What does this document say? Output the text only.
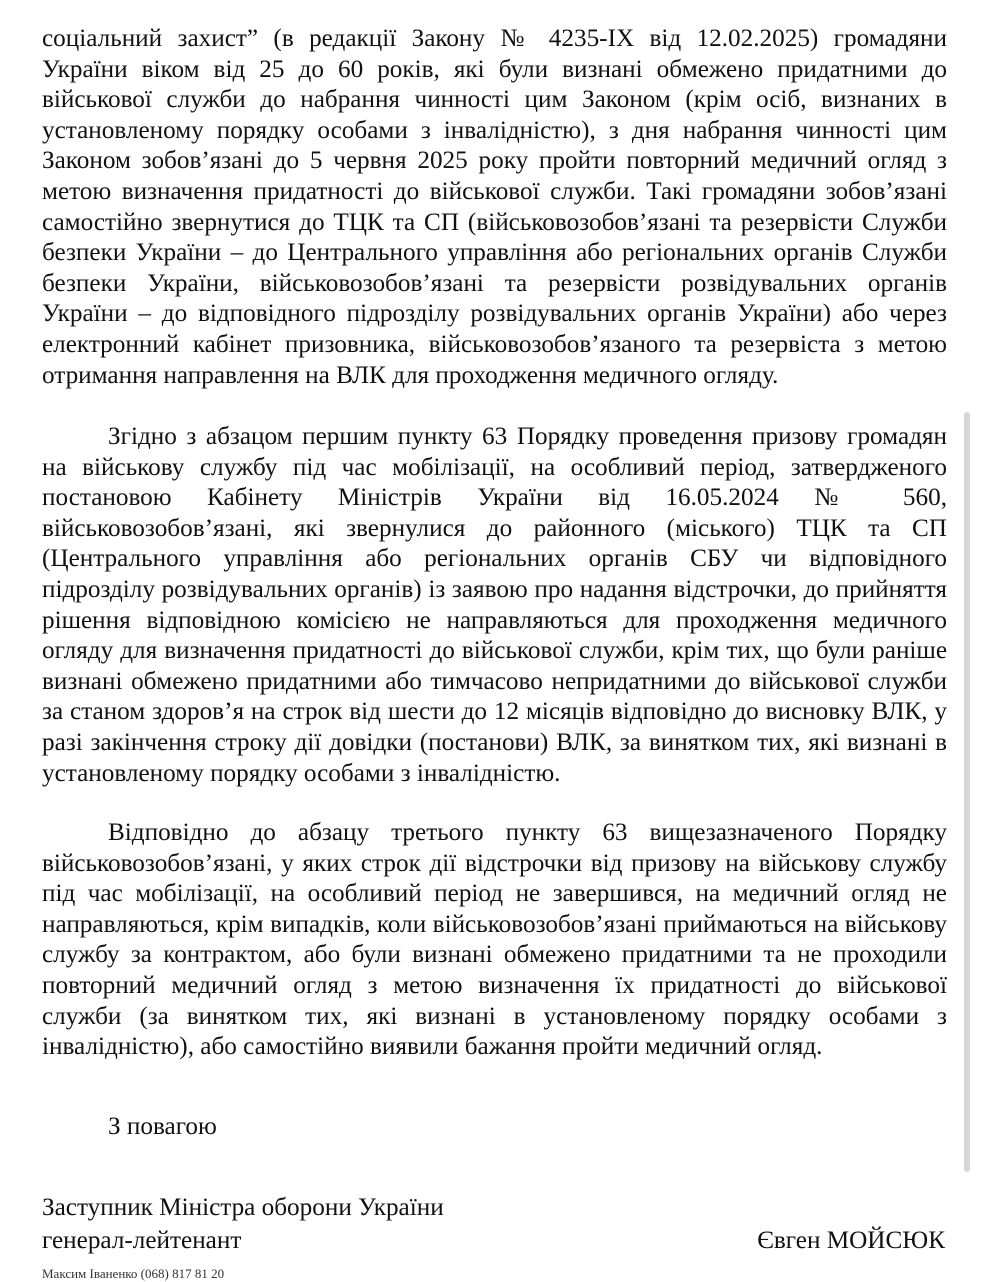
соціальний захист” (в редакції Закону № 4235-IX від 12.02.2025) громадяни України віком від 25 до 60 років, які були визнані обмежено придатними до військової служби до набрання чинності цим Законом (крім осіб, визнаних в установленому порядку особами з інвалідністю), з дня набрання чинності цим Законом зобов’язані до 5 червня 2025 року пройти повторний медичний огляд з метою визначення придатності до військової служби. Такі громадяни зобов’язані самостійно звернутися до ТЦК та СП (військовозобов’язані та резервісти Служби безпеки України – до Центрального управління або регіональних органів Служби безпеки України, військовозобов’язані та резервісти розвідувальних органів України – до відповідного підрозділу розвідувальних органів України) або через електронний кабінет призовника, військовозобов’язаного та резервіста з метою отримання направлення на ВЛК для проходження медичного огляду.

Згідно з абзацом першим пункту 63 Порядку проведення призову громадян на військову службу під час мобілізації, на особливий період, затвердженого постановою Кабінету Міністрів України від 16.05.2024 № 560, військовозобов’язані, які звернулися до районного (міського) ТЦК та СП (Центрального управління або регіональних органів СБУ чи відповідного підрозділу розвідувальних органів) із заявою про надання відстрочки, до прийняття рішення відповідною комісією не направляються для проходження медичного огляду для визначення придатності до військової служби, крім тих, що були раніше визнані обмежено придатними або тимчасово непридатними до військової служби за станом здоров’я на строк від шести до 12 місяців відповідно до висновку ВЛК, у разі закінчення строку дії довідки (постанови) ВЛК, за винятком тих, які визнані в установленому порядку особами з інвалідністю.

Відповідно до абзацу третього пункту 63 вищезазначеного Порядку військовозобов’язані, у яких строк дії відстрочки від призову на військову службу під час мобілізації, на особливий період не завершився, на медичний огляд не направляються, крім випадків, коли військовозобов’язані приймаються на військову службу за контрактом, або були визнані обмежено придатними та не проходили повторний медичний огляд з метою визначення їх придатності до військової служби (за винятком тих, які визнані в установленому порядку особами з інвалідністю), або самостійно виявили бажання пройти медичний огляд.

З повагою
Заступник Міністра оборони України
генерал-лейтенант	Євген МОЙСЮК
Максим Іваненко (068) 817 81 20
